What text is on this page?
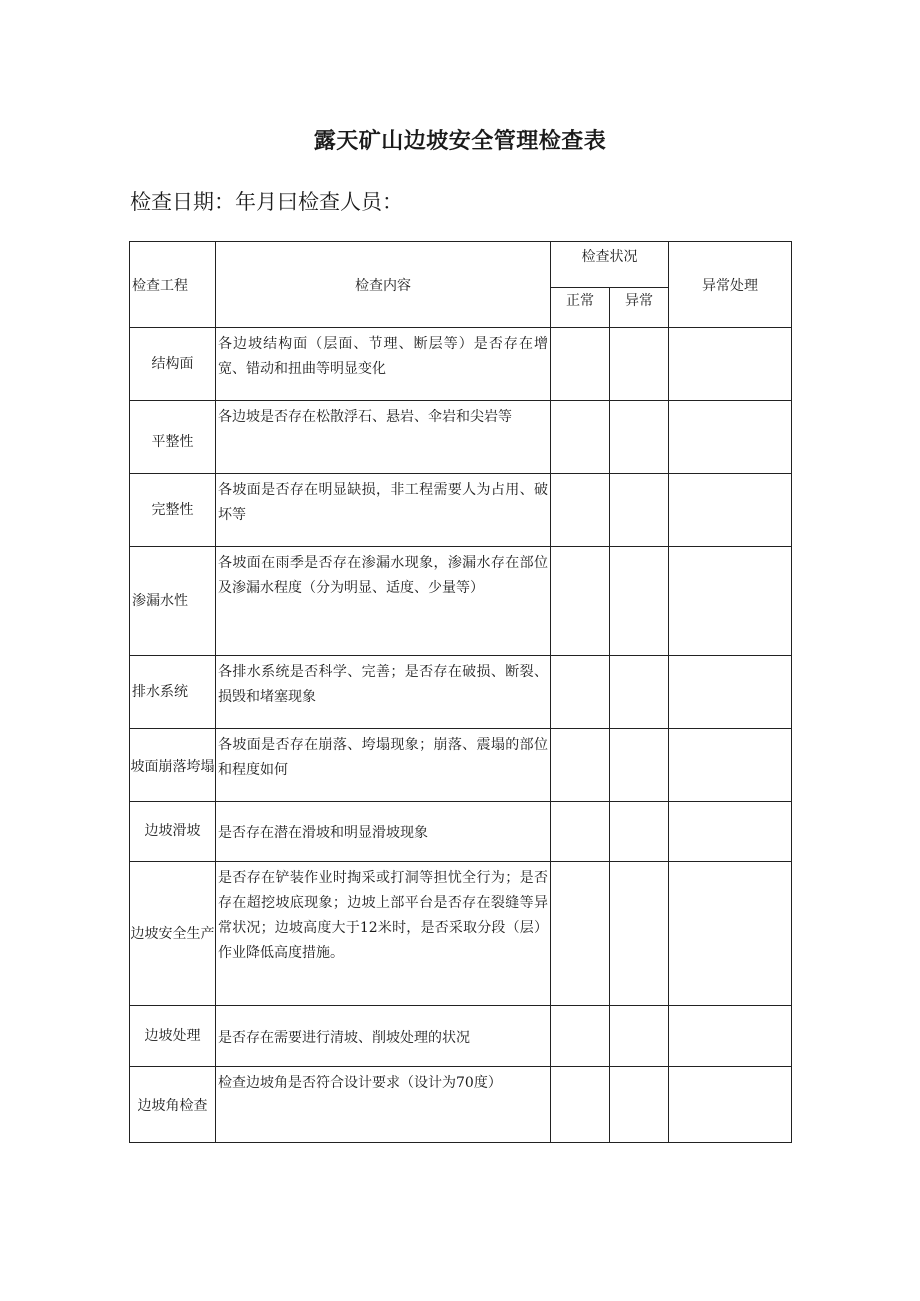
露天矿山边坡安全管理检查表
检查日期：年月曰检查人员：
检查工程	检查内容	检查状况		异常处理
		正常	异常	
结构面	各边坡结构面（层面、节理、断层等）是否存在增宽、错动和扭曲等明显变化			
平整性	各边坡是否存在松散浮石、悬岩、伞岩和尖岩等			
完整性	各坡面是否存在明显缺损，非工程需要人为占用、破坏等			
渗漏水性	各坡面在雨季是否存在渗漏水现象，渗漏水存在部位及渗漏水程度（分为明显、适度、少量等）			
排水系统	各排水系统是否科学、完善；是否存在破损、断裂、损毁和堵塞现象			
坡面崩落垮塌	各坡面是否存在崩落、垮塌现象；崩落、震塌的部位和程度如何			
边坡滑坡	是否存在潜在滑坡和明显滑坡现象			
边坡安全生产	是否存在铲装作业时掏采或打洞等担忧全行为；是否存在超挖坡底现象；边坡上部平台是否存在裂缝等异常状况；边坡高度大于12米时，是否采取分段（层）作业降低高度措施。			
边坡处理	是否存在需要进行清坡、削坡处理的状况			
边坡角检查	检查边坡角是否符合设计要求（设计为70度）			
